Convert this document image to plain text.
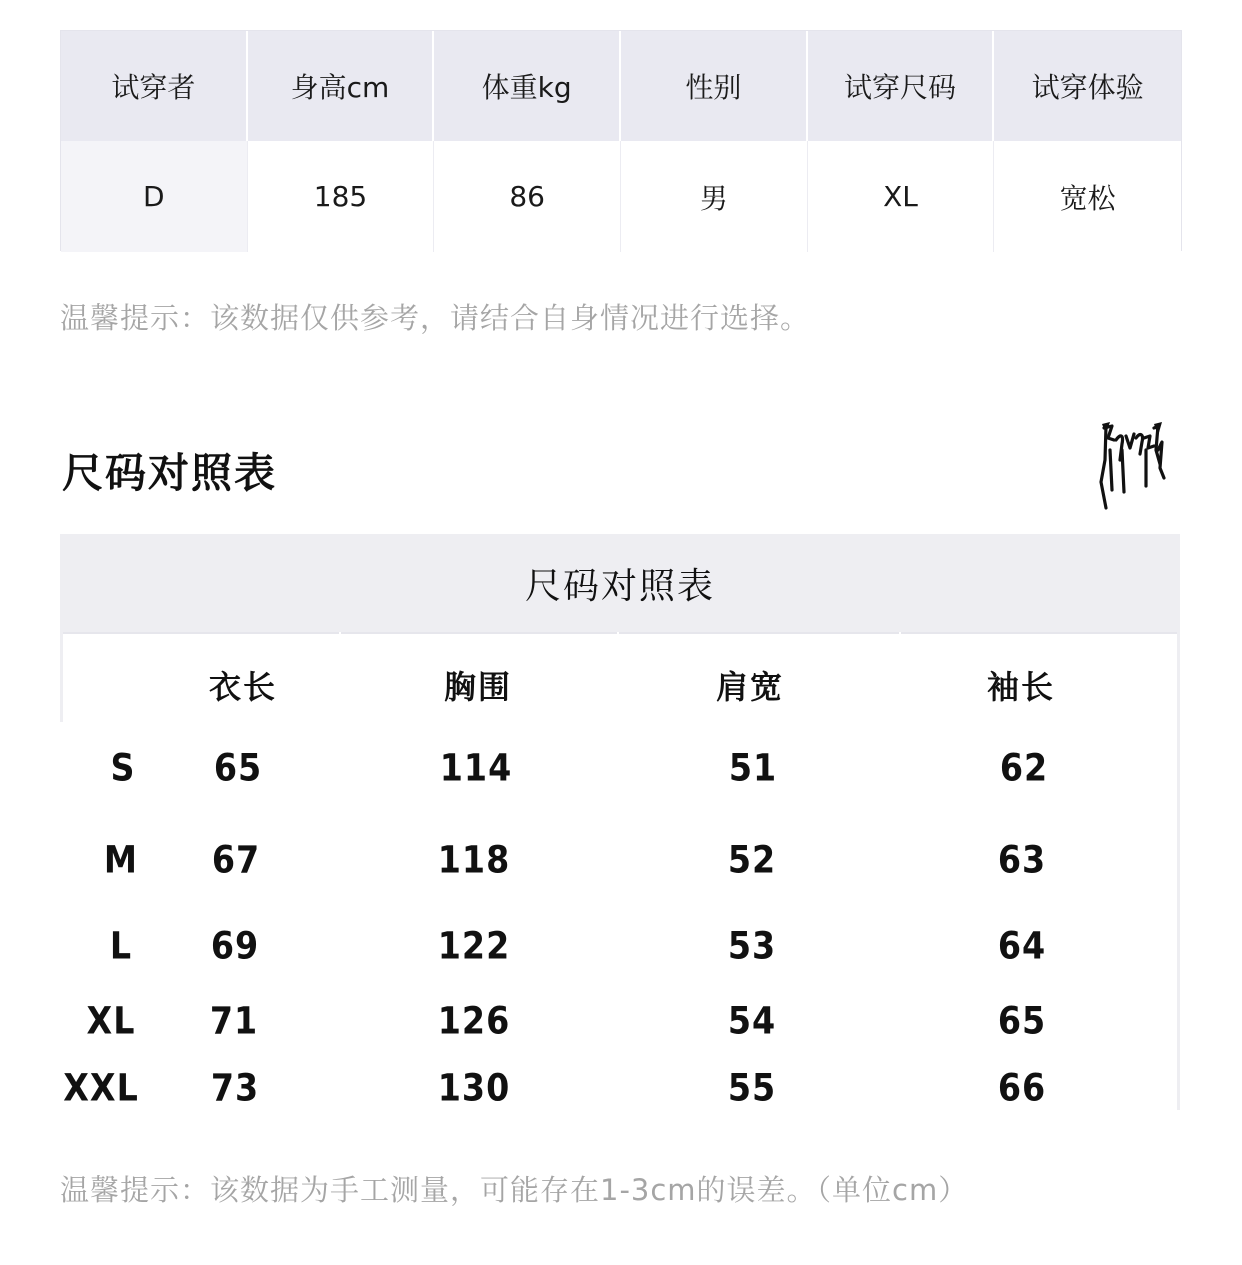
试穿者	身高cm	体重kg	性别	试穿尺码	试穿体验
D	185	86	男	XL	宽松
温馨提示：该数据仅供参考，请结合自身情况进行选择。
尺码对照表
尺码对照表
衣长	胸围	肩宽	袖长
S 65	114	51	62
M 67	118	52	63
L 69	122	53	64
XL 71	126	54	65
XXL 73	130	55	66
温馨提示：该数据为手工测量，可能存在1-3cm的误差。（单位cm）
